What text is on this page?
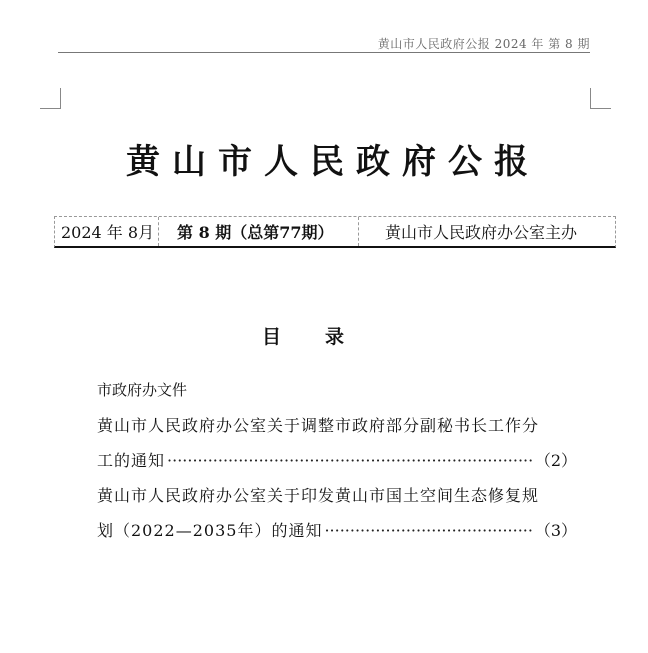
黄山市人民政府公报 2024 年 第 8 期
黄山市人民政府公报
2024 年 8月	第 8 期（总第77期）	黄山市人民政府办公室主办
目录
市政府办文件
黄山市人民政府办公室关于调整市政府部分副秘书长工作分
工的通知 ·····	（2）
黄山市人民政府办公室关于印发黄山市国土空间生态修复规
划（2022—2035年）的通知 ·····	（3）
